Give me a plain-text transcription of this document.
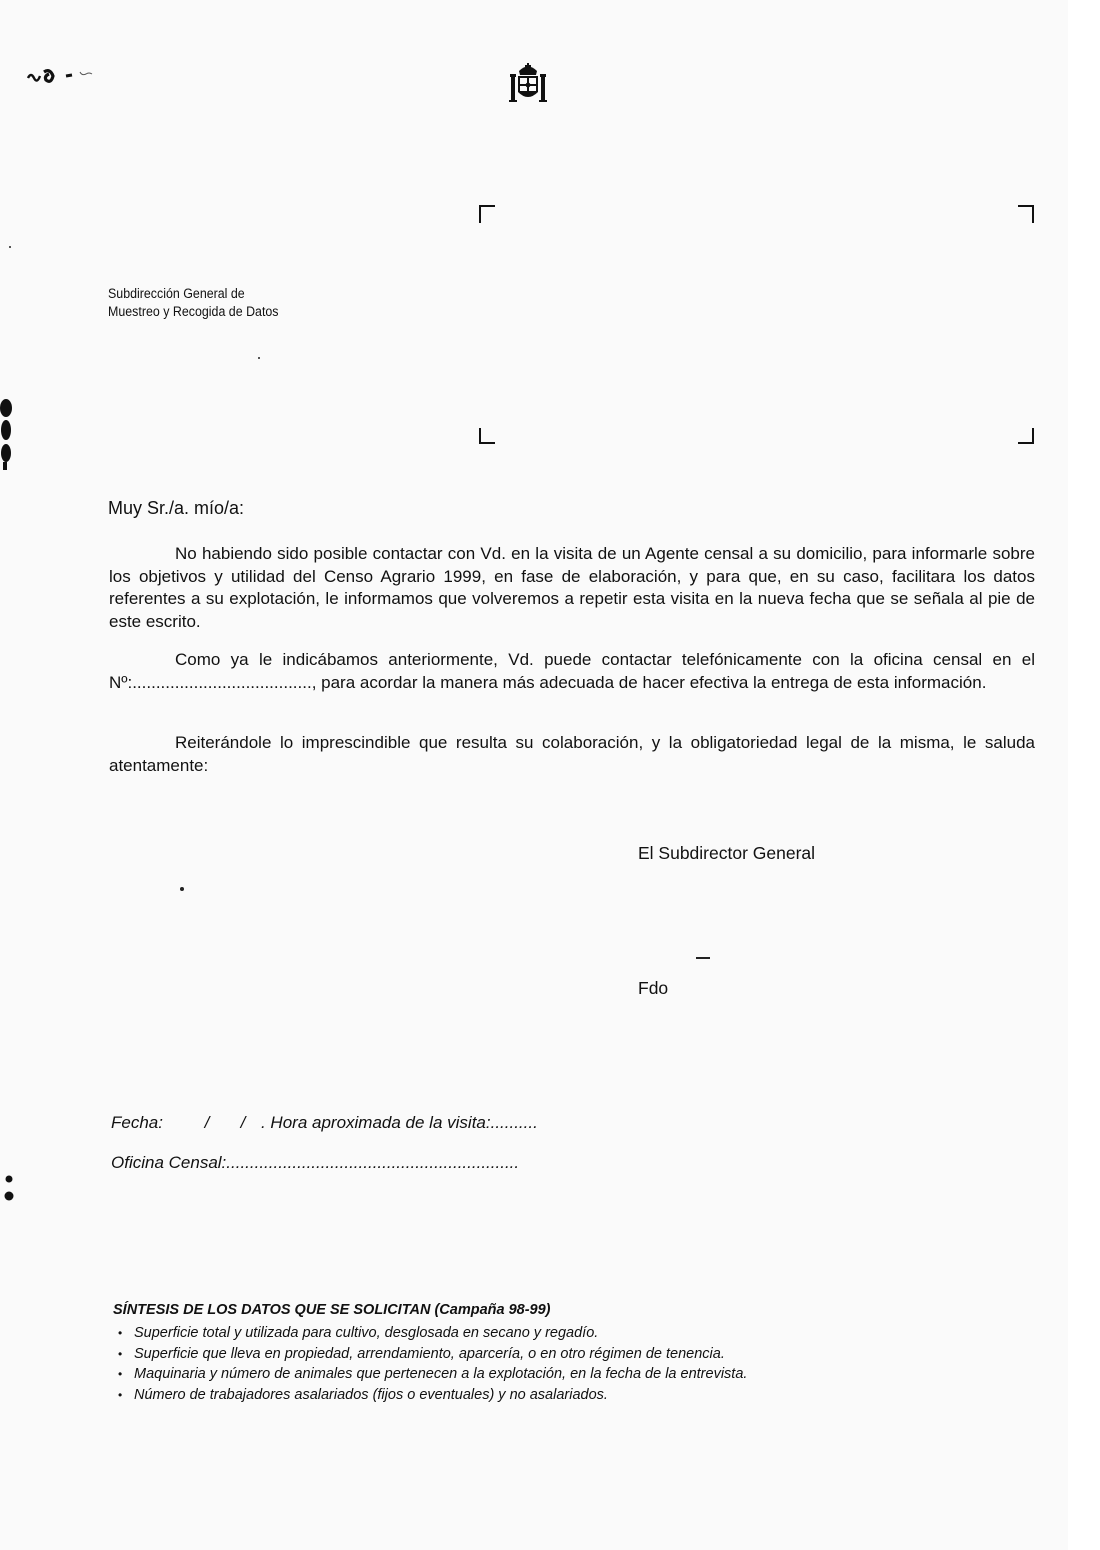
Subdirección General de
Muestreo y Recogida de Datos
Muy Sr./a. mío/a:
No habiendo sido posible contactar con Vd. en la visita de un Agente censal a su domicilio, para informarle sobre los objetivos y utilidad del Censo Agrario 1999, en fase de elaboración, y para que, en su caso, facilitara los datos referentes a su explotación, le informamos que volveremos a repetir esta visita en la nueva fecha que se señala al pie de este escrito.
Como ya le indicábamos anteriormente, Vd. puede contactar telefónicamente con la oficina censal en el Nº:......................................, para acordar la manera más adecuada de hacer efectiva la entrega de esta información.
Reiterándole lo imprescindible que resulta su colaboración, y la obligatoriedad legal de la misma, le saluda atentamente:
El Subdirector General
Fdo
Fecha: / / . Hora aproximada de la visita:..........
Oficina Censal:..............................................................
SÍNTESIS DE LOS DATOS QUE SE SOLICITAN (Campaña 98-99)
• Superficie total y utilizada para cultivo, desglosada en secano y regadío.
• Superficie que lleva en propiedad, arrendamiento, aparcería, o en otro régimen de tenencia.
• Maquinaria y número de animales que pertenecen a la explotación, en la fecha de la entrevista.
• Número de trabajadores asalariados (fijos o eventuales) y no asalariados.
